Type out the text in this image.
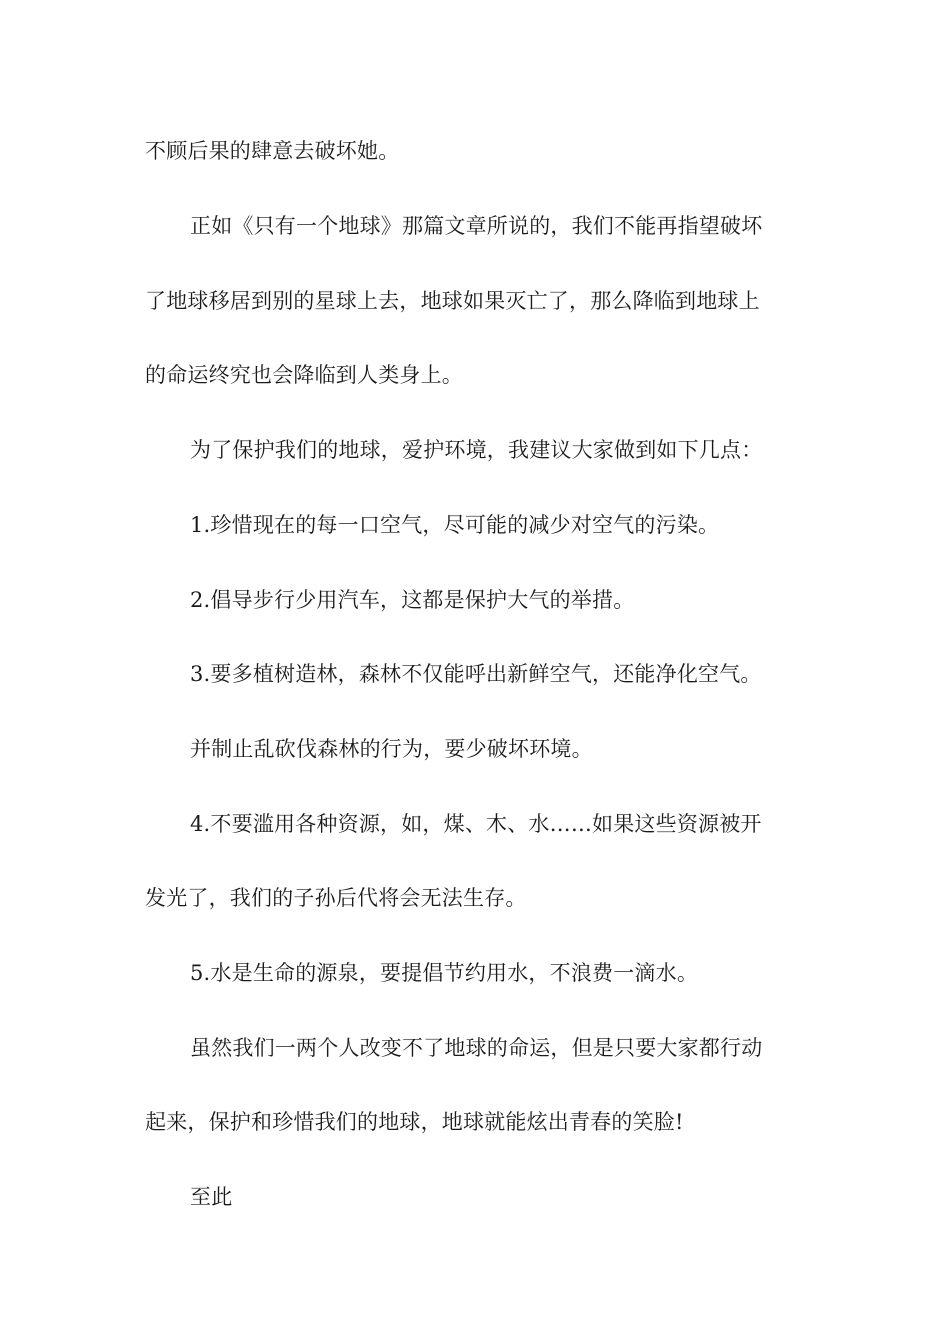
不顾后果的肆意去破坏她。
正如《只有一个地球》那篇文章所说的，我们不能再指望破坏
了地球移居到别的星球上去，地球如果灭亡了，那么降临到地球上
的命运终究也会降临到人类身上。
为了保护我们的地球，爱护环境，我建议大家做到如下几点：
1.珍惜现在的每一口空气，尽可能的减少对空气的污染。
2.倡导步行少用汽车，这都是保护大气的举措。
3.要多植树造林，森林不仅能呼出新鲜空气，还能净化空气。
并制止乱砍伐森林的行为，要少破坏环境。
4.不要滥用各种资源，如，煤、木、水……如果这些资源被开
发光了，我们的子孙后代将会无法生存。
5.水是生命的源泉，要提倡节约用水，不浪费一滴水。
虽然我们一两个人改变不了地球的命运，但是只要大家都行动
起来，保护和珍惜我们的地球，地球就能炫出青春的笑脸!
至此
